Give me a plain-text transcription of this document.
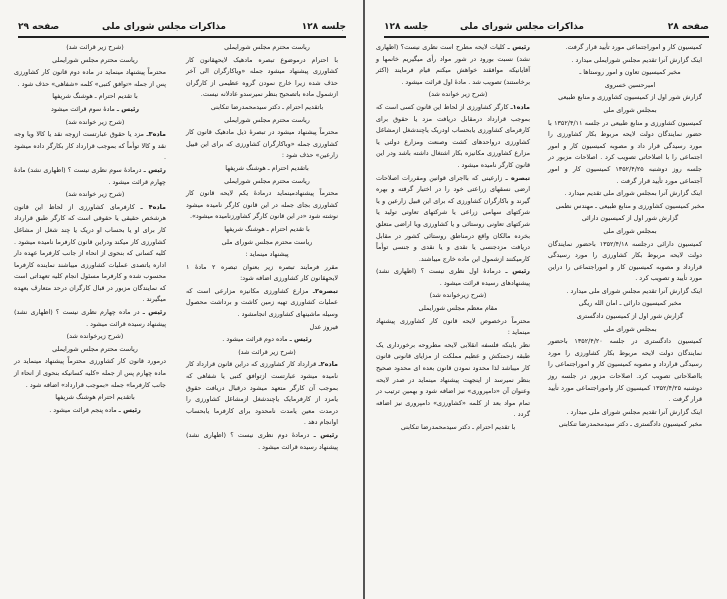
جلسه ۱۲۸
مذاکرات مجلس شورای ملی
صفحه ۲۹

ریاست محترم مجلس شورایملی

با احترام درموضوع تبصره مادهیک لایحهقانون کار کشاورزی پیشنهاد میشود جمله «ویاکارگران الی آخر حذف شده زیرا خارج نمودن گروه عظیمی از کارگران ازشمول ماده باتصحیح بنظر نمیرسدو عادلانه نیست.

باتقدیم احترام ـ دکتر سیدمحمدرضا تنکابنی

ریاست محترم مجلس شورایملی

محترماً پیشنهاد میشود در تبصرهٔ ذیل مادهیک قانون کار کشاورزی جمله «وباکارگران کشاورزی که برای این قبیل زارعین» حذف شود :

باتقدیم احترام ـ هوشنگ شریفها

ریاست محترم مجلس شورایملی

محترماً پیشنهادمینماید درمادهٔ یکم لایحه قانون کار کشاورزی بجای جمله در این قانون کارگر نامیده میشود نوشته شود «در این قانون کارگر کشاورزنامیده میشود».

با تقدیم احترام ـ هوشنگ شریفها

ریاست محترم مجلس شورای ملی

پیشنهاد مینماید :

مقرر فرمایند تبصره زیر بعنوان تبصره ۲ مادهٔ ۱ لایحهقانون کار کشاورزی اضافه شود:

تبصره۲ـ مزارع کشاورزی مکانیزه مزارعی است که عملیات کشاورزی تهیه زمین کاشت و برداشت محصول وسیله ماشینهای کشاورزی انجامشود .

فیروز عدل

رئیس ـ ماده دوم قرائت میشود .

(شرح زیر قرائت شد)

ماده۲ـ قرارداد کار کشاورزی که دراین قانون قرارداد کار نامیده میشود عبارتست ازتوافق کتبی یا شفاهی که بموجب آن کارگر متعهد میشود درقبال دریافت حقوق یامزد از کارفرمایک یاچندشغل ازمشاغل کشاورزی را درمدت معین یامدت نامحدود برای کارفرما یابحساب اوانجام دهد .

رئیس ـ درمادهٔ دوم نظری نیست ؟ (اظهاری نشد) پیشنهاد رسیده قرائت میشود .

(شرح زیر قرائت شد)

ریاست محترم مجلس شورایملی

محترماً پیشنهاد مینماید در ماده دوم قانون کار کشاورزی پس از جمله «توافق کتبی» کلمه «شفاهی» حذف شود .

با تقدیم احترام ـ هوشنگ شریفها

رئیس ـ مادهٔ سوم قرائت میشود

(شرح زیر خوانده شد)

ماده۳ـ مزد یا حقوق عبارتست ازوجه نقد یا کالا ویا وجه نقد و کالا توأماً که بموجب قرارداد کار بکارگر داده میشود .

رئیس ـ درمادهٔ سوم نظری نیست ؟ (اظهاری نشد) مادهٔ چهارم قرائت میشود .

(شرح زیر خوانده شد)

ماده۴ ـ کارفرمای کشاورزی از لحاظ این قانون هرشخص حقیقی یا حقوقی است که کارگر طبق قرارداد کار برای او یا بحساب او دریک یا چند شغل از مشاغل کشاورزی کار میکند ودراین قانون کارفرما نامیده میشود . کلیه کسانی که بنحوی از انحاء از جانب کارفرما عهده دار اداره یاتصدی عملیات کشاورزی میباشند نماینده کارفرما محسوب شده و کارفرما مسئول انجام کلیه تعهداتی است که نمایندگان مزبور در قبال کارگران درحد متعارف بعهده میگیرند .

رئیس ـ در ماده چهارم نظری نیست ؟ (اظهاری نشد) پیشنهاد رسیده قرائت میشود .

(شرح زیرخوانده شد)

ریاست محترم مجلس شورایملی

درمورد قانون کار کشاورزی محترماً پیشنهاد مینماید در ماده چهارم پس از جمله «کلیه کسانیکه بنحوی از انحاء از جانب کارفرما» جمله «بموجب قرارداد» اضافه شود .

باتقدیم احترام هوشنگ شریفها

رئیس ـ ماده پنجم قرائت میشود .

جلسه ۱۲۸	مذاکرات مجلس شورای ملی	صفحه ۲۸

کمیسیون کار و اموراجتماعی مورد تأیید قرار گرفت.

اینک گزارش آنرا تقدیم مجلس شورایملی میدارد .

مخبر کمیسیون تعاون و امور روستاها ـ

امیرحسین خسروی

گزارش شور اول از کمیسیون کشاورزی و منابع طبیعی

بمجلس شورای ملی

کمیسیون کشاورزی و منابع طبیعی در جلسه ۱۳۵۲/۴/۱۱ با حضور نمایندگان دولت لایحه مربوط بکار کشاورزی را مورد رسیدگی قرار داد و مصوبه کمیسیون کار و امور اجتماعی را با اصلاحاتی تصویب کرد . اصلاحات مزبور در جلسه روز دوشنبه ۱۳۵۲/۴/۲۵ کمیسیون کار و امور آجتماعی مورد تأیید قرار گرفت .

اینک گزارش آنرا بمجلس شورای ملی تقدیم میدارد .

مخبر کمیسیون کشاورزی و منابع طبیعی ـ مهندس نظمی

گزارش شور اول از کمیسیون دارائی

بمجلس شورای ملی

کمیسیون دارائی درجلسه ۱۳۵۲/۴/۱۸ باحضور نمایندگان دولت لایحه مربوط بکار کشاورزی را مورد رسیدگی قرارداد و مصوبه کمیسیون کار و اموراجتماعی را دراین مورد تأیید و تصویب کرد .

اینک گزارش آنرا تقدیم مجلس شورای ملی میدارد .

مخبر کمیسیون دارائی ـ امان الله ریگی

گزارش شور اول از کمیسیون دادگستری

بمجلس شورای ملی

کمیسیون دادگستری در جلسه ۱۳۵۲/۴/۲۰ باحضور نمایندگان دولت لایحه مربوط بکار کشاورزی را مورد رسیدگی قرارداد و مصوبه کمیسیون کار و اموراجتماعی را بااصلاحاتی تصویب کرد. اصلاحات مزبور در جلسه روز دوشنبه ۱۳۵۲/۴/۲۵ کمیسیون کار واموراجتماعی مورد تأیید قرار گرفت .

اینک گزارش آنرا تقدیم مجلس شورای ملی میدارد .

مخبر کمیسیون دادگستری ـ دکتر سیدمحمدرضا تنکابنی

رئیس ـ کلیات لایحه مطرح است نظری نیست؟ (اظهاری نشد) نسبت بورود در شور مواد رأی میگیریم خانمها و آقایانیکه موافقند خواهش میکنم قیام فرمایند (اکثر برخاستند) تصویب شد . مادهٔ اول قرائت میشود .

(شرح زیر خوانده شد)

ماده۱ـ کارگر کشاورزی از لحاظ این قانون کسی است که بموجب قرارداد درمقابل دریافت مزد یا حقوق برای کارفرمای کشاورزی یابحساب اودریک یاچندشغل ازمشاغل کشاورزی درواحدهای کشت وصنعت ومزارع دولتی یا مزارع کشاورزی مکانیزه بکار اشتغال داشته باشد ودر این قانون کارگر نامیده میشود .

تبصره ـ زارعینی که بااجرای قوانین ومقررات اصلاحات ارضی نسقهای زراعتی خود را در اختیار گرفته و بهره گیرند و باکارگران کشاورزی که برای این قبیل زارعین و یا شرکتهای سهامی زراعی یا شرکتهای تعاونی تولید یا شرکتهای تعاونی روستائی و یا کشاورزی ویا اراضی متعلق بخرده مالکان واقع درمناطق روستائی کشور در مقابل دریافت مزدجنسی یا نقدی و یا نقدی و جنسی توأماً کارمیکنند ازشمول این ماده خارج میباشند.

رئیس ـ درمادهٔ اول نظری نیست ؟ (اظهاری نشد) پیشنهادهای رسیده قرائت میشود .

(شرح زیرخوانده شد)

مقام معظم مجلس شورایملی

محترماً درخصوص لایحه قانون کار کشاورزی پیشنهاد مینماید :

نظر باینکه فلسفه انقلابی لایحه مطروحه برخورداری یک طبقه زحمتکش و عظیم مملکت از مزایای قانونی قانون کار میباشد لذا محدود نمودن قانون بعده ای محدود صحیح بنظر نمیرسد از اینجهت پیشنهاد مینماید در صدر لایحه وعنوان آن «دامپروری» نیز اضافه شود و بهمین ترتیب در تمام مواد بعد از کلمه «کشاورزی» دامپروری نیز اضافه گردد .

با تقدیم احترام ـ دکتر سیدمحمدرضا تنکابنی
